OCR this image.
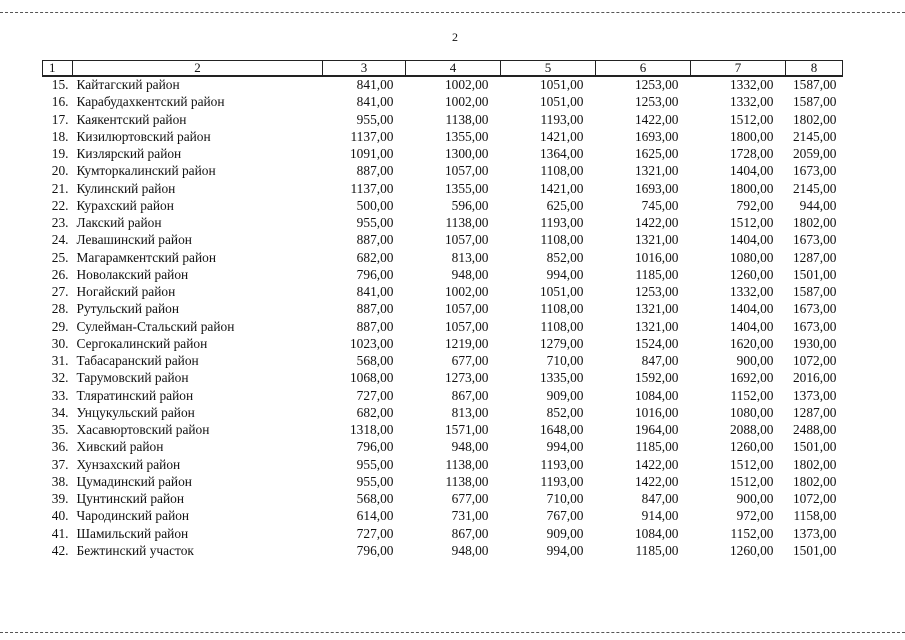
2
1	2	3	4	5	6	7	8
15.	Кайтагский район	841,00	1002,00	1051,00	1253,00	1332,00	1587,00
16.	Карабудахкентский район	841,00	1002,00	1051,00	1253,00	1332,00	1587,00
17.	Каякентский район	955,00	1138,00	1193,00	1422,00	1512,00	1802,00
18.	Кизилюртовский район	1137,00	1355,00	1421,00	1693,00	1800,00	2145,00
19.	Кизлярский район	1091,00	1300,00	1364,00	1625,00	1728,00	2059,00
20.	Кумторкалинский район	887,00	1057,00	1108,00	1321,00	1404,00	1673,00
21.	Кулинский район	1137,00	1355,00	1421,00	1693,00	1800,00	2145,00
22.	Курахский район	500,00	596,00	625,00	745,00	792,00	944,00
23.	Лакский район	955,00	1138,00	1193,00	1422,00	1512,00	1802,00
24.	Левашинский район	887,00	1057,00	1108,00	1321,00	1404,00	1673,00
25.	Магарамкентский район	682,00	813,00	852,00	1016,00	1080,00	1287,00
26.	Новолакский район	796,00	948,00	994,00	1185,00	1260,00	1501,00
27.	Ногайский район	841,00	1002,00	1051,00	1253,00	1332,00	1587,00
28.	Рутульский район	887,00	1057,00	1108,00	1321,00	1404,00	1673,00
29.	Сулейман-Стальский район	887,00	1057,00	1108,00	1321,00	1404,00	1673,00
30.	Сергокалинский район	1023,00	1219,00	1279,00	1524,00	1620,00	1930,00
31.	Табасаранский район	568,00	677,00	710,00	847,00	900,00	1072,00
32.	Тарумовский район	1068,00	1273,00	1335,00	1592,00	1692,00	2016,00
33.	Тляратинский район	727,00	867,00	909,00	1084,00	1152,00	1373,00
34.	Унцукульский район	682,00	813,00	852,00	1016,00	1080,00	1287,00
35.	Хасавюртовский район	1318,00	1571,00	1648,00	1964,00	2088,00	2488,00
36.	Хивский район	796,00	948,00	994,00	1185,00	1260,00	1501,00
37.	Хунзахский район	955,00	1138,00	1193,00	1422,00	1512,00	1802,00
38.	Цумадинский район	955,00	1138,00	1193,00	1422,00	1512,00	1802,00
39.	Цунтинский район	568,00	677,00	710,00	847,00	900,00	1072,00
40.	Чародинский район	614,00	731,00	767,00	914,00	972,00	1158,00
41.	Шамильский район	727,00	867,00	909,00	1084,00	1152,00	1373,00
42.	Бежтинский участок	796,00	948,00	994,00	1185,00	1260,00	1501,00
